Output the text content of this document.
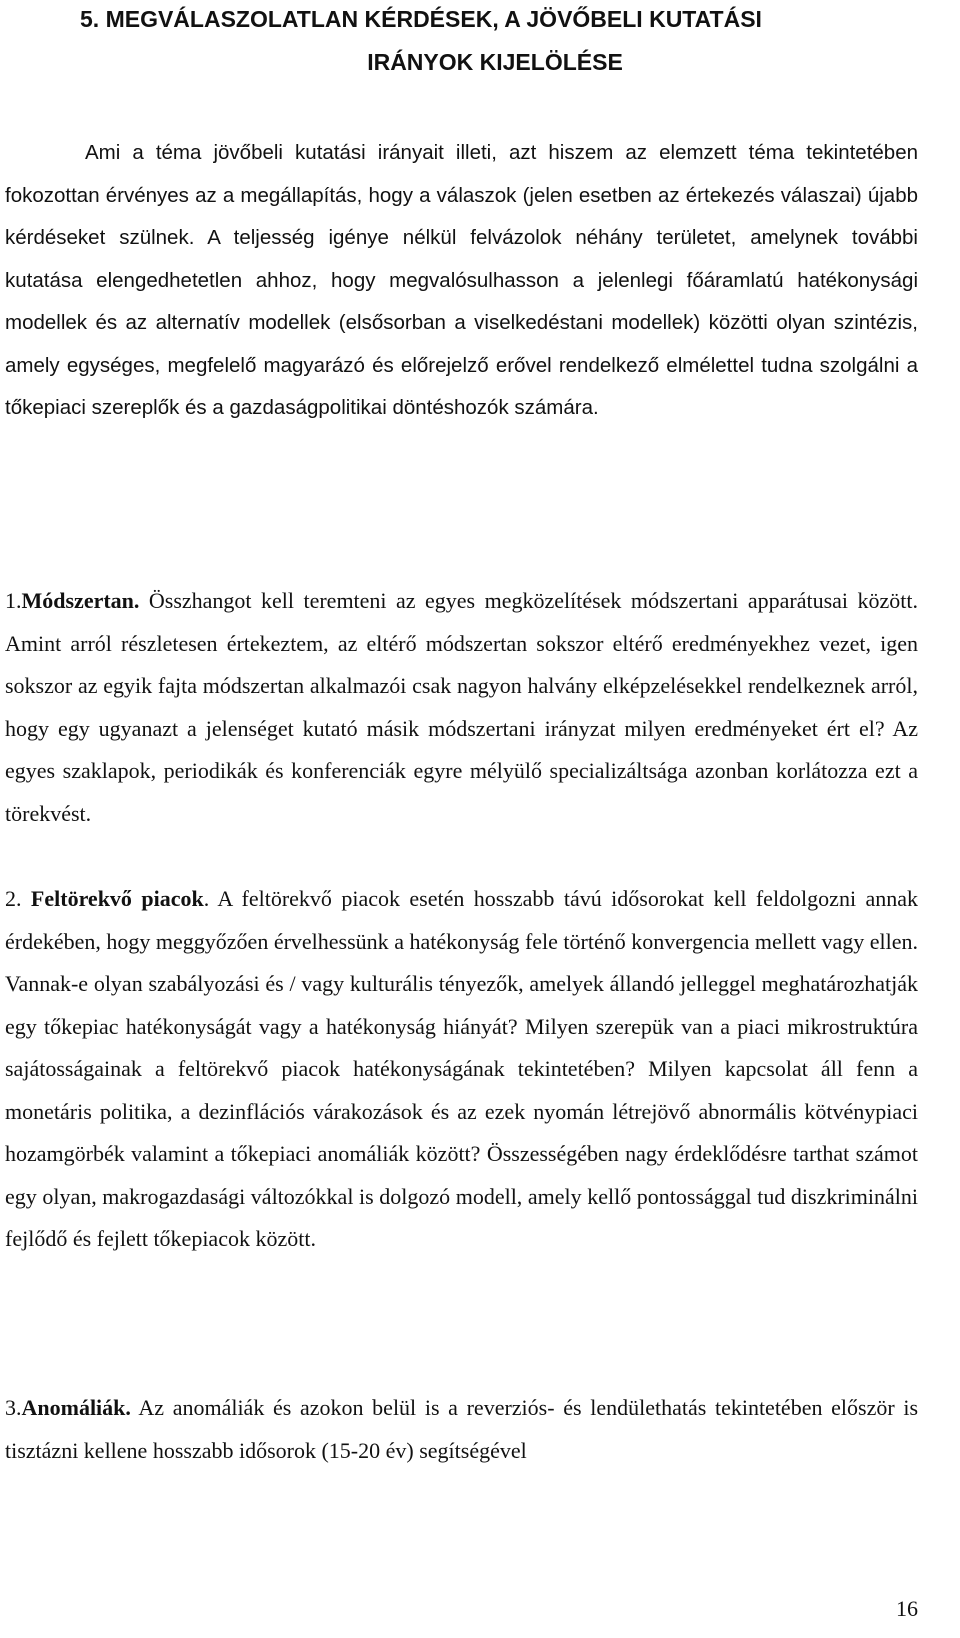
5. MEGVÁLASZOLATLAN KÉRDÉSEK, A JÖVŐBELI KUTATÁSI
IRÁNYOK KIJELÖLÉSE

Ami a téma jövőbeli kutatási irányait illeti, azt hiszem az elemzett téma tekintetében fokozottan érvényes az a megállapítás, hogy a válaszok (jelen esetben az értekezés válaszai) újabb kérdéseket szülnek. A teljesség igénye nélkül felvázolok néhány területet, amelynek további kutatása elengedhetetlen ahhoz, hogy megvalósulhasson a jelenlegi főáramlatú hatékonysági modellek és az alternatív modellek (elsősorban a viselkedéstani modellek) közötti olyan szintézis, amely egységes, megfelelő magyarázó és előrejelző erővel rendelkező elmélettel tudna szolgálni a tőkepiaci szereplők és a gazdaságpolitikai döntéshozók számára.

1.Módszertan. Összhangot kell teremteni az egyes megközelítések módszertani apparátusai között. Amint arról részletesen értekeztem, az eltérő módszertan sokszor eltérő eredményekhez vezet, igen sokszor az egyik fajta módszertan alkalmazói csak nagyon halvány elképzelésekkel rendelkeznek arról, hogy egy ugyanazt a jelenséget kutató másik módszertani irányzat milyen eredményeket ért el? Az egyes szaklapok, periodikák és konferenciák egyre mélyülő specializáltsága azonban korlátozza ezt a törekvést.

2. Feltörekvő piacok. A feltörekvő piacok esetén hosszabb távú idősorokat kell feldolgozni annak érdekében, hogy meggyőzően érvelhessünk a hatékonyság fele történő konvergencia mellett vagy ellen. Vannak-e olyan szabályozási és / vagy kulturális tényezők, amelyek állandó jelleggel meghatározhatják egy tőkepiac hatékonyságát vagy a hatékonyság hiányát? Milyen szerepük van a piaci mikrostruktúra sajátosságainak a feltörekvő piacok hatékonyságának tekintetében? Milyen kapcsolat áll fenn a monetáris politika, a dezinflációs várakozások és az ezek nyomán létrejövő abnormális kötvénypiaci hozamgörbék valamint a tőkepiaci anomáliák között? Összességében nagy érdeklődésre tarthat számot egy olyan, makrogazdasági változókkal is dolgozó modell, amely kellő pontossággal tud diszkriminálni fejlődő és fejlett tőkepiacok között.

3.Anomáliák. Az anomáliák és azokon belül is a reverziós- és lendülethatás tekintetében először is tisztázni kellene hosszabb idősorok (15-20 év) segítségével

16
